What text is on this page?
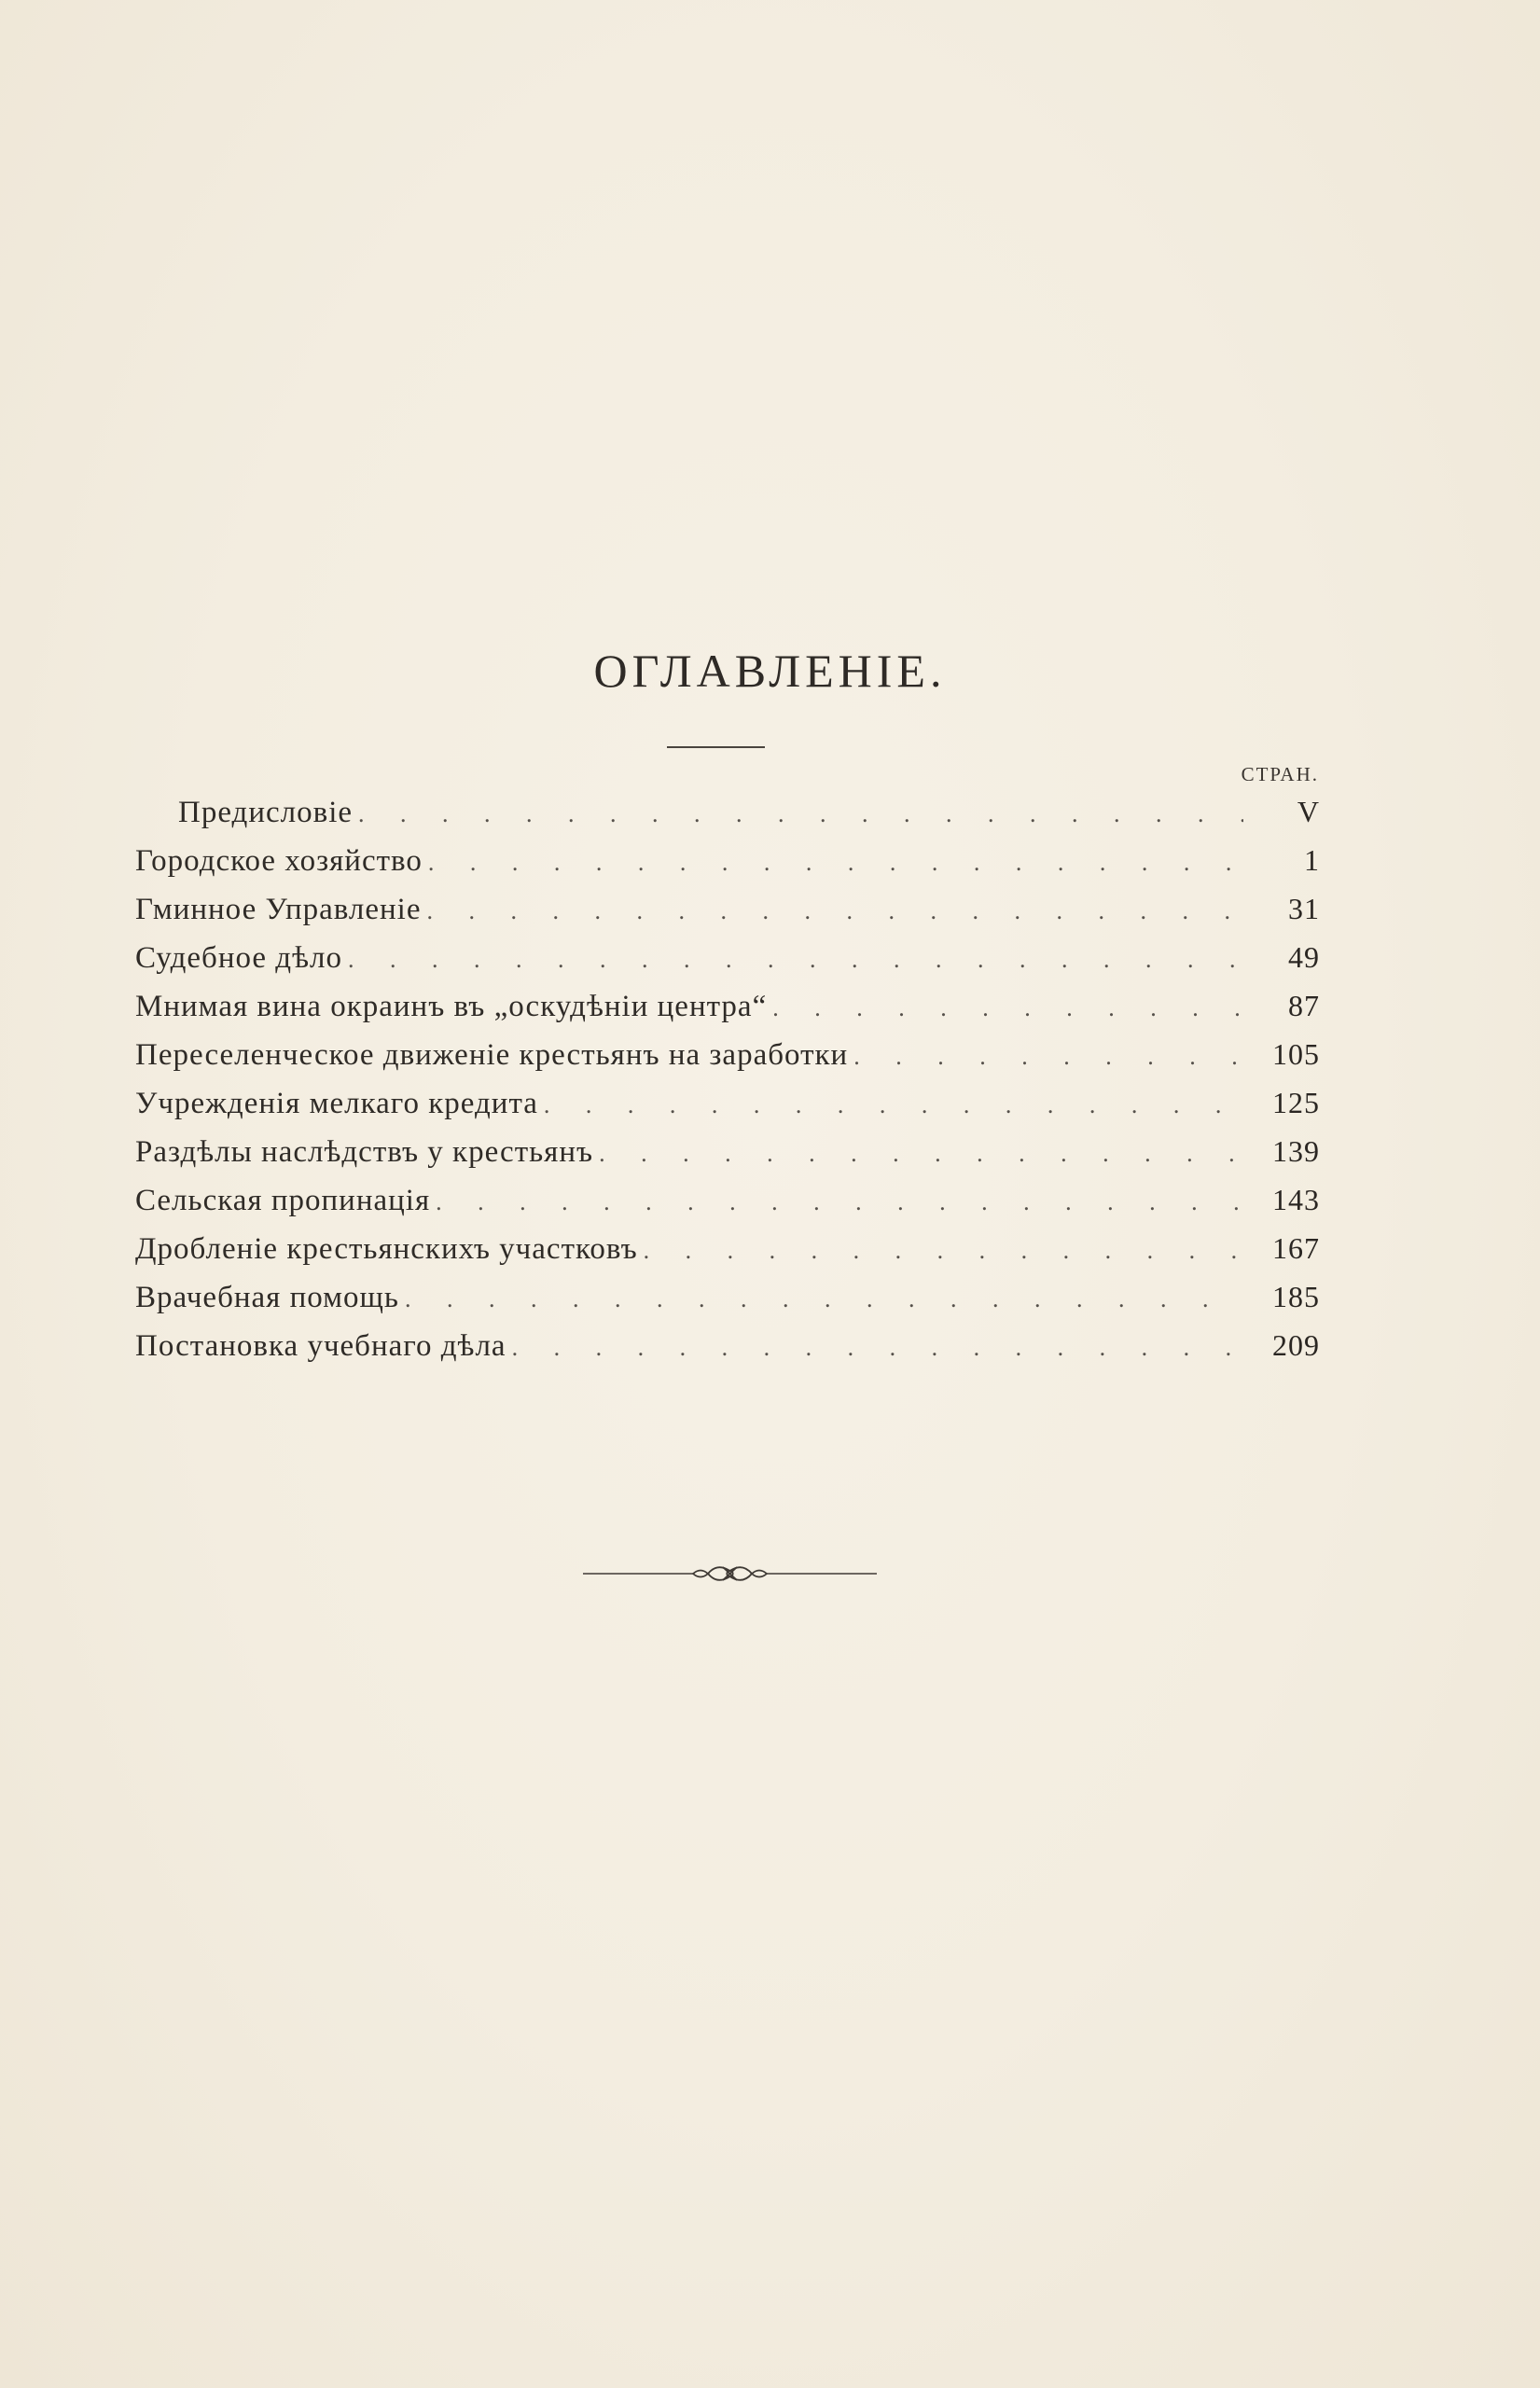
ОГЛАВЛЕНІЕ.
СТРАН.
Предисловіе . . .	V
Городское хозяйство . . .	1
Гминное Управленіе . . .	31
Судебное дѣло . . .	49
Мнимая вина окраинъ въ „оскудѣніи центра“ . . .	87
Переселенческое движеніе крестьянъ на заработки . . .	105
Учрежденія мелкаго кредита . . .	125
Раздѣлы наслѣдствъ у крестьянъ . . .	139
Сельская пропинація . . .	143
Дробленіе крестьянскихъ участковъ . . .	167
Врачебная помощь . . .	185
Постановка учебнаго дѣла . . .	209
